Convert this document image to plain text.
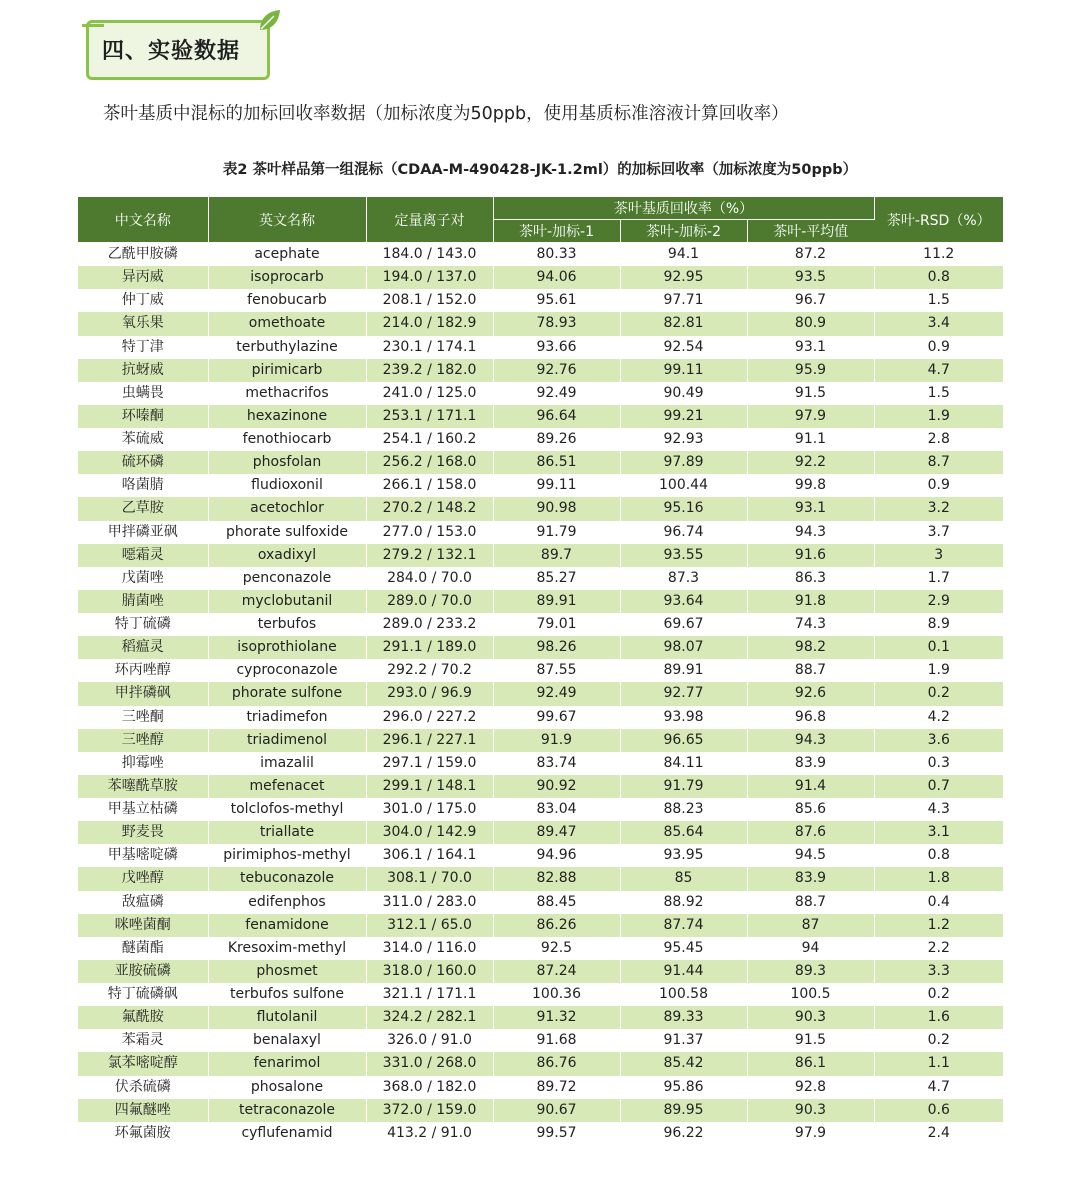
四、实验数据
茶叶基质中混标的加标回收率数据（加标浓度为50ppb，使用基质标准溶液计算回收率）
表2 茶叶样品第一组混标（CDAA-M-490428-JK-1.2ml）的加标回收率（加标浓度为50ppb）
中文名称	英文名称	定量离子对	茶叶基质回收率（%）			茶叶-RSD（%）
			茶叶-加标-1	茶叶-加标-2	茶叶-平均值	
乙酰甲胺磷	acephate	184.0 / 143.0	80.33	94.1	87.2	11.2
异丙威	isoprocarb	194.0 / 137.0	94.06	92.95	93.5	0.8
仲丁威	fenobucarb	208.1 / 152.0	95.61	97.71	96.7	1.5
氧乐果	omethoate	214.0 / 182.9	78.93	82.81	80.9	3.4
特丁津	terbuthylazine	230.1 / 174.1	93.66	92.54	93.1	0.9
抗蚜威	pirimicarb	239.2 / 182.0	92.76	99.11	95.9	4.7
虫螨畏	methacrifos	241.0 / 125.0	92.49	90.49	91.5	1.5
环嗪酮	hexazinone	253.1 / 171.1	96.64	99.21	97.9	1.9
苯硫威	fenothiocarb	254.1 / 160.2	89.26	92.93	91.1	2.8
硫环磷	phosfolan	256.2 / 168.0	86.51	97.89	92.2	8.7
咯菌腈	fludioxonil	266.1 / 158.0	99.11	100.44	99.8	0.9
乙草胺	acetochlor	270.2 / 148.2	90.98	95.16	93.1	3.2
甲拌磷亚砜	phorate sulfoxide	277.0 / 153.0	91.79	96.74	94.3	3.7
噁霜灵	oxadixyl	279.2 / 132.1	89.7	93.55	91.6	3
戊菌唑	penconazole	284.0 / 70.0	85.27	87.3	86.3	1.7
腈菌唑	myclobutanil	289.0 / 70.0	89.91	93.64	91.8	2.9
特丁硫磷	terbufos	289.0 / 233.2	79.01	69.67	74.3	8.9
稻瘟灵	isoprothiolane	291.1 / 189.0	98.26	98.07	98.2	0.1
环丙唑醇	cyproconazole	292.2 / 70.2	87.55	89.91	88.7	1.9
甲拌磷砜	phorate sulfone	293.0 / 96.9	92.49	92.77	92.6	0.2
三唑酮	triadimefon	296.0 / 227.2	99.67	93.98	96.8	4.2
三唑醇	triadimenol	296.1 / 227.1	91.9	96.65	94.3	3.6
抑霉唑	imazalil	297.1 / 159.0	83.74	84.11	83.9	0.3
苯噻酰草胺	mefenacet	299.1 / 148.1	90.92	91.79	91.4	0.7
甲基立枯磷	tolclofos-methyl	301.0 / 175.0	83.04	88.23	85.6	4.3
野麦畏	triallate	304.0 / 142.9	89.47	85.64	87.6	3.1
甲基嘧啶磷	pirimiphos-methyl	306.1 / 164.1	94.96	93.95	94.5	0.8
戊唑醇	tebuconazole	308.1 / 70.0	82.88	85	83.9	1.8
敌瘟磷	edifenphos	311.0 / 283.0	88.45	88.92	88.7	0.4
咪唑菌酮	fenamidone	312.1 / 65.0	86.26	87.74	87	1.2
醚菌酯	Kresoxim-methyl	314.0 / 116.0	92.5	95.45	94	2.2
亚胺硫磷	phosmet	318.0 / 160.0	87.24	91.44	89.3	3.3
特丁硫磷砜	terbufos sulfone	321.1 / 171.1	100.36	100.58	100.5	0.2
氟酰胺	flutolanil	324.2 / 282.1	91.32	89.33	90.3	1.6
苯霜灵	benalaxyl	326.0 / 91.0	91.68	91.37	91.5	0.2
氯苯嘧啶醇	fenarimol	331.0 / 268.0	86.76	85.42	86.1	1.1
伏杀硫磷	phosalone	368.0 / 182.0	89.72	95.86	92.8	4.7
四氟醚唑	tetraconazole	372.0 / 159.0	90.67	89.95	90.3	0.6
环氟菌胺	cyflufenamid	413.2 / 91.0	99.57	96.22	97.9	2.4
